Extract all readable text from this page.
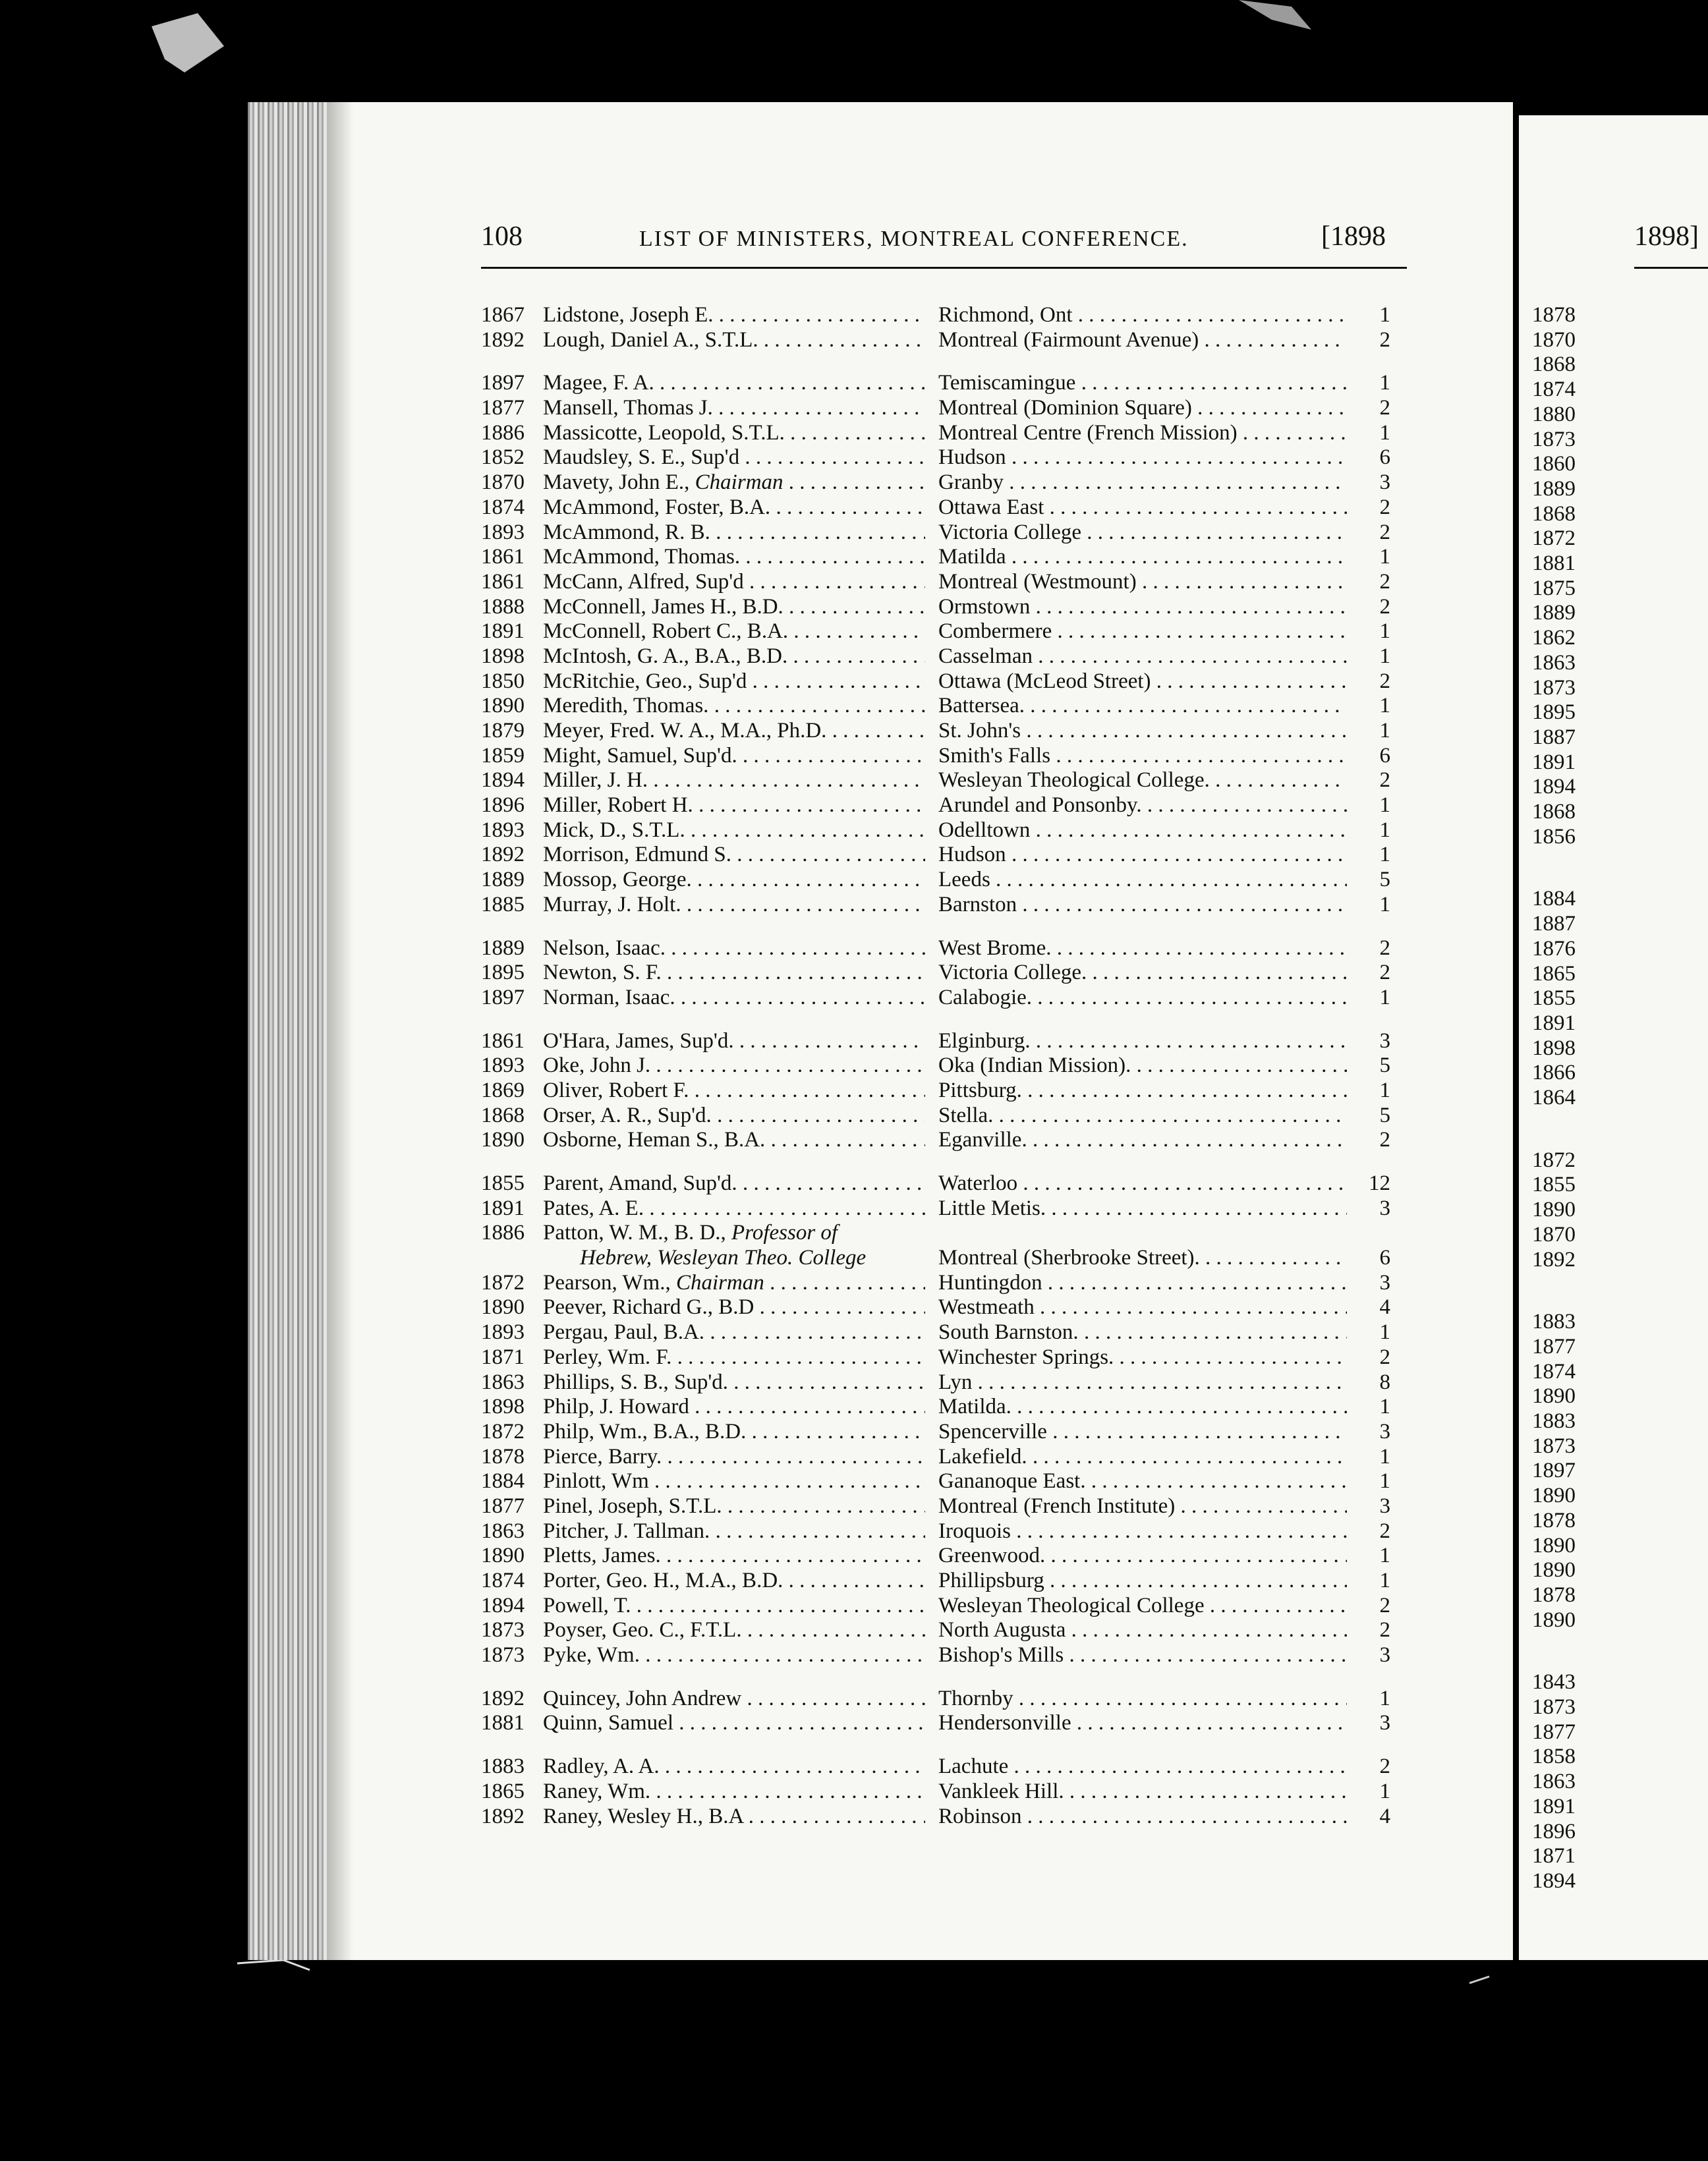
108	LIST OF MINISTERS, MONTREAL CONFERENCE.	[1898
1867 Lidstone, Joseph E. . . .	Richmond, Ont . . .	1
1892 Lough, Daniel A., S.T.L. . . .	Montreal (Fairmount Avenue) . . .	2
1897 Magee, F. A. . . .	Temiscamingue . . .	1
1877 Mansell, Thomas J. . . .	Montreal (Dominion Square) . . .	2
1886 Massicotte, Leopold, S.T.L. . . .	Montreal Centre (French Mission) . . .	1
1852 Maudsley, S. E., Sup'd . . .	Hudson . . .	6
1870 Mavety, John E., Chairman . . .	Granby . . .	3
1874 McAmmond, Foster, B.A. . . .	Ottawa East . . .	2
1893 McAmmond, R. B. . . .	Victoria College . . .	2
1861 McAmmond, Thomas. . . .	Matilda . . .	1
1861 McCann, Alfred, Sup'd . . .	Montreal (Westmount) . . .	2
1888 McConnell, James H., B.D. . . .	Ormstown . . .	2
1891 McConnell, Robert C., B.A. . . .	Combermere . . .	1
1898 McIntosh, G. A., B.A., B.D. . . .	Casselman . . .	1
1850 McRitchie, Geo., Sup'd . . .	Ottawa (McLeod Street) . . .	2
1890 Meredith, Thomas. . . .	Battersea. . . .	1
1879 Meyer, Fred. W. A., M.A., Ph.D. . . .	St. John's . . .	1
1859 Might, Samuel, Sup'd. . . .	Smith's Falls . . .	6
1894 Miller, J. H. . . .	Wesleyan Theological College. . . .	2
1896 Miller, Robert H. . . .	Arundel and Ponsonby. . . .	1
1893 Mick, D., S.T.L. . . .	Odelltown . . .	1
1892 Morrison, Edmund S. . . .	Hudson . . .	1
1889 Mossop, George. . . .	Leeds . . .	5
1885 Murray, J. Holt. . . .	Barnston . . .	1
1889 Nelson, Isaac. . . .	West Brome. . . .	2
1895 Newton, S. F. . . .	Victoria College. . . .	2
1897 Norman, Isaac. . . .	Calabogie. . . .	1
1861 O'Hara, James, Sup'd. . . .	Elginburg. . . .	3
1893 Oke, John J. . . .	Oka (Indian Mission). . . .	5
1869 Oliver, Robert F. . . .	Pittsburg. . . .	1
1868 Orser, A. R., Sup'd. . . .	Stella. . . .	5
1890 Osborne, Heman S., B.A. . . .	Eganville. . . .	2
1855 Parent, Amand, Sup'd. . . .	Waterloo . . .	12
1891 Pates, A. E. . . .	Little Metis. . . .	3
1886 Patton, W. M., B. D., Professor of
Hebrew, Wesleyan Theo. College	Montreal (Sherbrooke Street). . . .	6
1872 Pearson, Wm., Chairman . . .	Huntingdon . . .	3
1890 Peever, Richard G., B.D . . .	Westmeath . . .	4
1893 Pergau, Paul, B.A. . . .	South Barnston. . . .	1
1871 Perley, Wm. F. . . .	Winchester Springs. . . .	2
1863 Phillips, S. B., Sup'd. . . .	Lyn . . .	8
1898 Philp, J. Howard . . .	Matilda. . . .	1
1872 Philp, Wm., B.A., B.D. . . .	Spencerville . . .	3
1878 Pierce, Barry. . . .	Lakefield. . . .	1
1884 Pinlott, Wm . . .	Gananoque East. . . .	1
1877 Pinel, Joseph, S.T.L. . . .	Montreal (French Institute) . . .	3
1863 Pitcher, J. Tallman. . . .	Iroquois . . .	2
1890 Pletts, James. . . .	Greenwood. . . .	1
1874 Porter, Geo. H., M.A., B.D. . . .	Phillipsburg . . .	1
1894 Powell, T. . . .	Wesleyan Theological College . . .	2
1873 Poyser, Geo. C., F.T.L. . . .	North Augusta . . .	2
1873 Pyke, Wm. . . .	Bishop's Mills . . .	3
1892 Quincey, John Andrew . . .	Thornby . . .	1
1881 Quinn, Samuel . . .	Hendersonville . . .	3
1883 Radley, A. A. . . .	Lachute . . .	2
1865 Raney, Wm. . . .	Vankleek Hill. . . .	1
1892 Raney, Wesley H., B.A . . .	Robinson . . .	4
1898]
1878
1870
1868
1874
1880
1873
1860
1889
1868
1872
1881
1875
1889
1862
1863
1873
1895
1887
1891
1894
1868
1856
1884
1887
1876
1865
1855
1891
1898
1866
1864
1872
1855
1890
1870
1892
1883
1877
1874
1890
1883
1873
1897
1890
1878
1890
1890
1878
1890
1843
1873
1877
1858
1863
1891
1896
1871
1894
